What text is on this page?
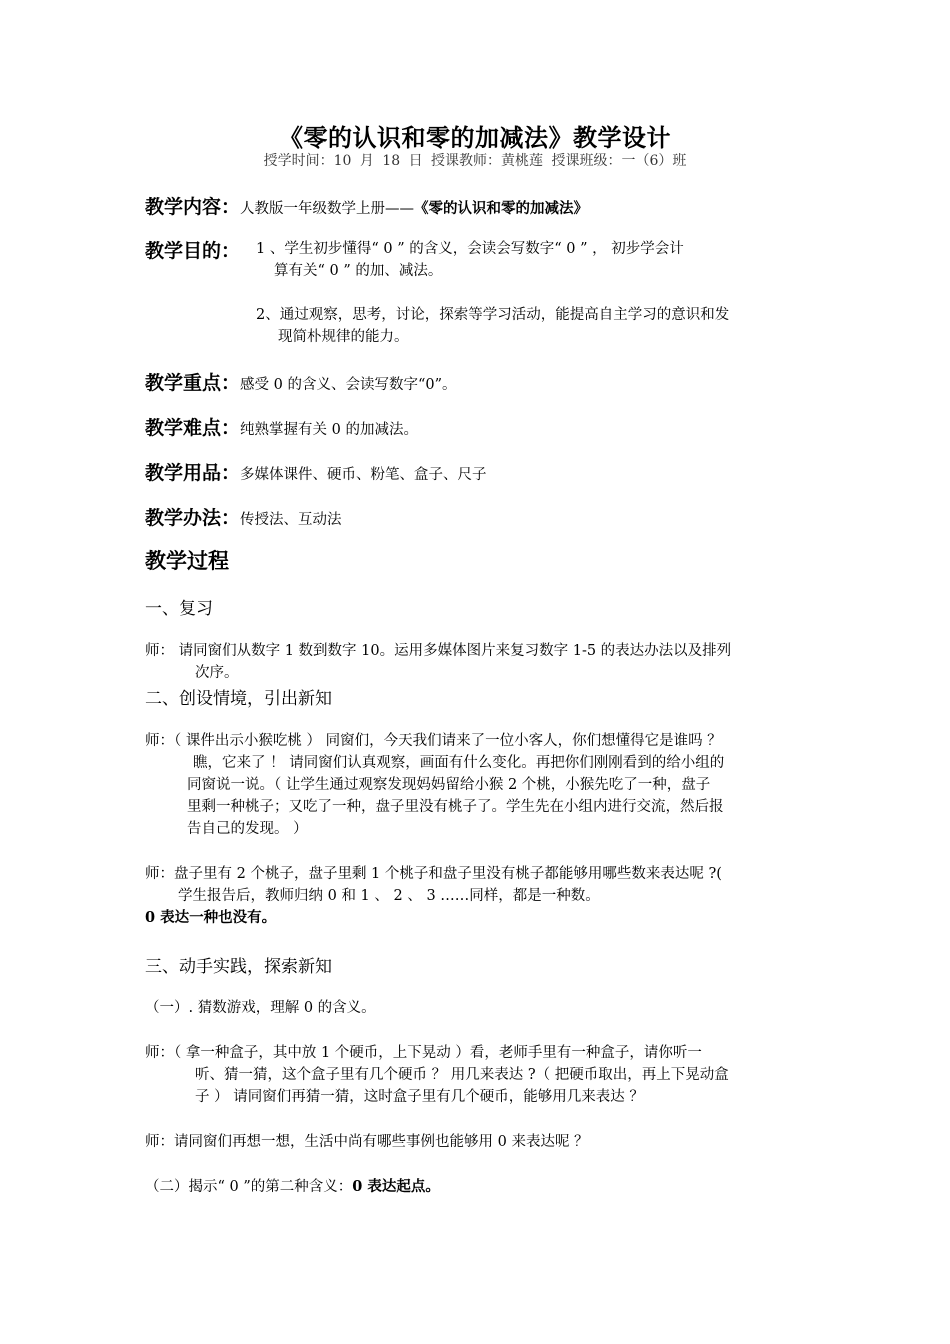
《零的认识和零的加减法》教学设计
授学时间：10 月 18 日 授课教师：黄桃莲 授课班级：一（6）班
教学内容：人教版一年级数学上册——《零的认识和零的加减法》
教学目的： 1 、学生初步懂得“ 0 ” 的含义，会读会写数字“ 0 ” ， 初步学会计
算有关“ 0 ” 的加、减法。
2、通过观察，思考，讨论，探索等学习活动，能提高自主学习的意识和发
现简朴规律的能力。
教学重点：感受 0 的含义、会读写数字“0”。
教学难点：纯熟掌握有关 0 的加减法。
教学用品：多媒体课件、硬币、粉笔、盒子、尺子
教学办法：传授法、互动法
教学过程
一、复习
师： 请同窗们从数字 1 数到数字 10。运用多媒体图片来复习数字 1-5 的表达办法以及排列
次序。
二、创设情境，引出新知
师：（ 课件出示小猴吃桃 ） 同窗们，今天我们请来了一位小客人，你们想懂得它是谁吗 ？
瞧，它来了 ！ 请同窗们认真观察，画面有什么变化。再把你们刚刚看到的给小组的
同窗说一说。（ 让学生通过观察发现妈妈留给小猴 2 个桃，小猴先吃了一种，盘子
里剩一种桃子；又吃了一种，盘子里没有桃子了。学生先在小组内进行交流，然后报
告自己的发现。 ）
师：盘子里有 2 个桃子，盘子里剩 1 个桃子和盘子里没有桃子都能够用哪些数来表达呢 ?(
学生报告后，教师归纳 0 和 1 、 2 、 3 ……同样，都是一种数。
0 表达一种也没有。
三、动手实践，探索新知
（一）. 猜数游戏，理解 0 的含义。
师：（ 拿一种盒子，其中放 1 个硬币，上下晃动 ）看，老师手里有一种盒子，请你听一
听、猜一猜，这个盒子里有几个硬币 ？ 用几来表达 ?（ 把硬币取出，再上下晃动盒
子 ） 请同窗们再猜一猜，这时盒子里有几个硬币，能够用几来表达 ？
师：请同窗们再想一想，生活中尚有哪些事例也能够用 0 来表达呢 ？
（二）揭示“ 0 ”的第二种含义：0 表达起点。
